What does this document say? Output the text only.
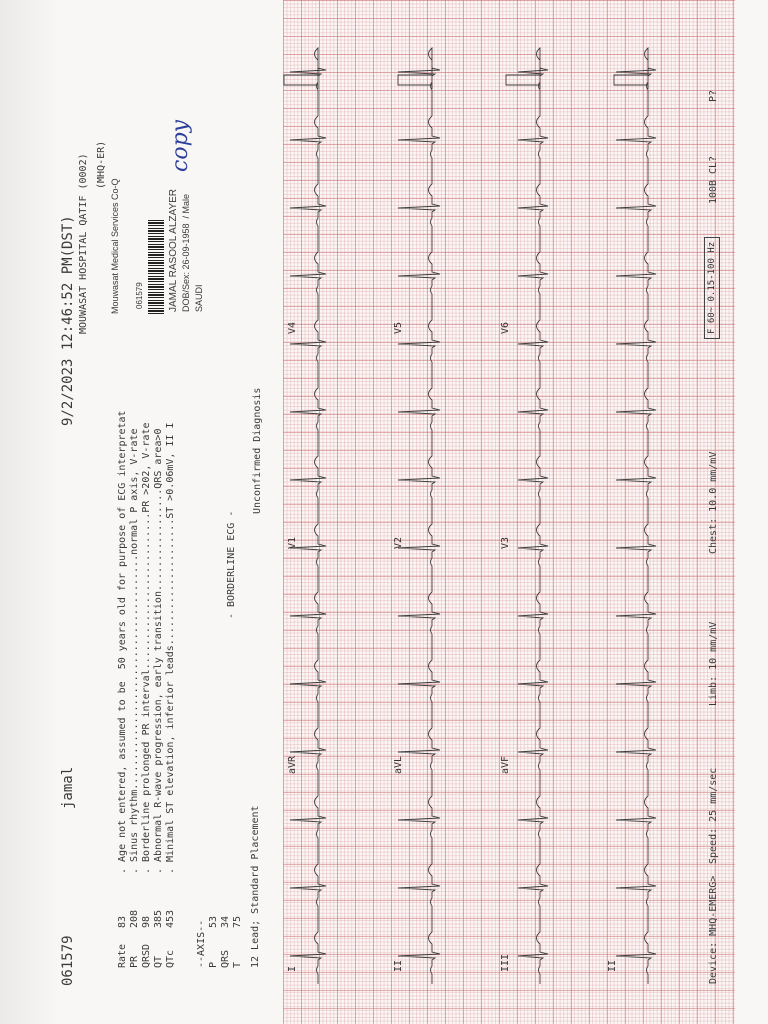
061579
jamal
9/2/2023 12:46:52 PM(DST) MOUWASAT HOSPITAL QATIF (0002) (MHQ-ER)
Rate
83
PR
208
QRSD
98
QT
385
QTc
453
--AXIS-- P
53
QRS
34
T
75 12 Lead; Standard Placement
. Age not entered, assumed to be  50 years old for purpose of ECG interpretat . Sinus rhythm.......................................normal P axis, V-rate . Borderline prolonged PR interval..........................PR >202, V-rate . Abnormal R-wave progression, early transition.................QRS area>0 . Minimal ST elevation, inferior leads.....................ST >0.06mV, II I	- BORDERLINE ECG -
Unconfirmed Diagnosis
Mouwasat Medical Services Co-Q 061579 JAMAL RASOOL ALZAYER DOB/Sex: 26-09-1958  / Male SAUDI
copy
I
aVR
V1
V4
II
aVL
V2
V5
III
aVF
V3
V6
II	Device: MHQ-EMERG>
Speed: 25 mm/sec
Limb: 10 mm/mV
Chest: 10.0 mm/mV
F 60~ 0.15-100 Hz
100B
CL?
P?
